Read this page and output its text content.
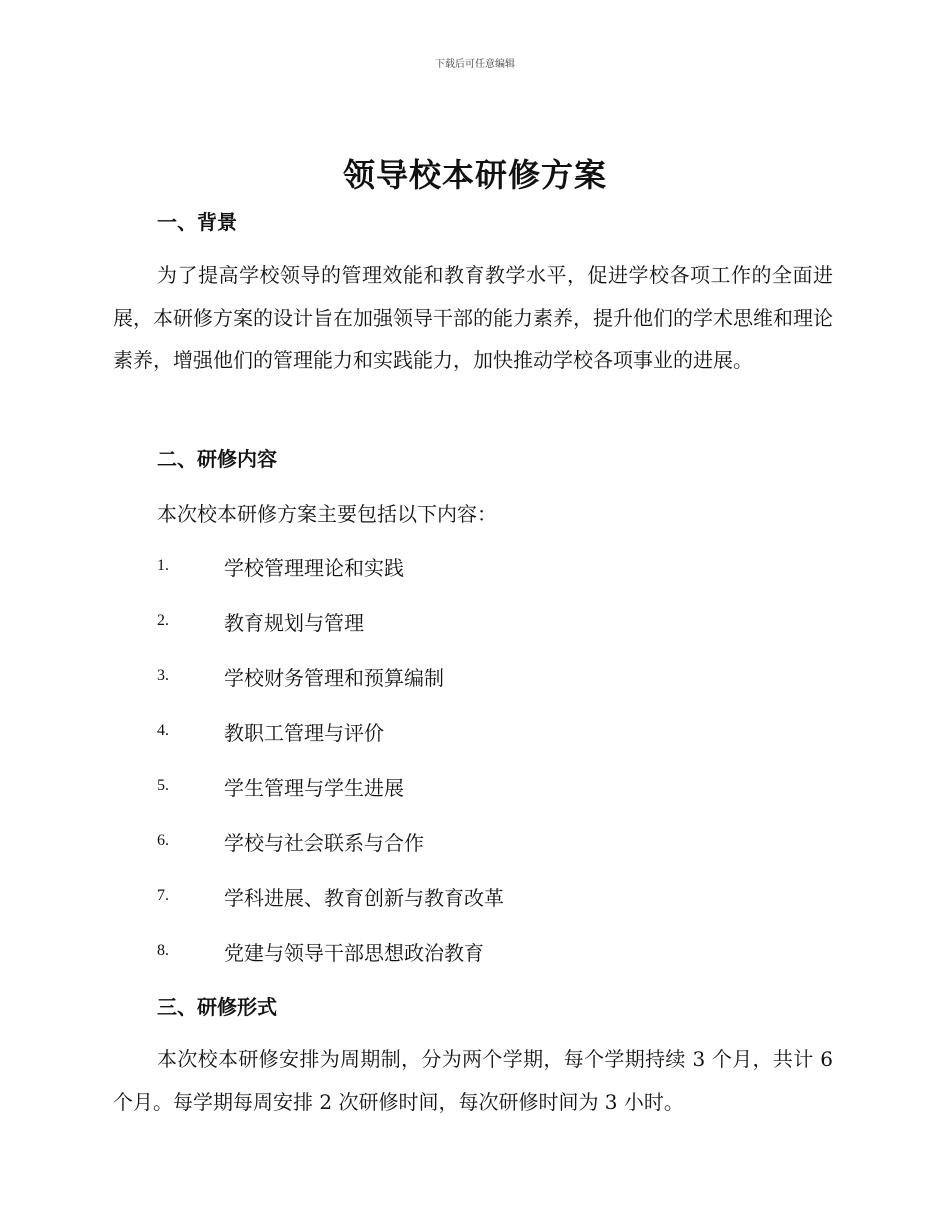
下载后可任意编辑
领导校本研修方案
一、背景
为了提高学校领导的管理效能和教育教学水平，促进学校各项工作的全面进展，本研修方案的设计旨在加强领导干部的能力素养，提升他们的学术思维和理论素养，增强他们的管理能力和实践能力，加快推动学校各项事业的进展。
二、研修内容
本次校本研修方案主要包括以下内容：
1.	学校管理理论和实践
2.	教育规划与管理
3.	学校财务管理和预算编制
4.	教职工管理与评价
5.	学生管理与学生进展
6.	学校与社会联系与合作
7.	学科进展、教育创新与教育改革
8.	党建与领导干部思想政治教育
三、研修形式
本次校本研修安排为周期制，分为两个学期，每个学期持续 3 个月，共计 6 个月。每学期每周安排 2 次研修时间，每次研修时间为 3 小时。
